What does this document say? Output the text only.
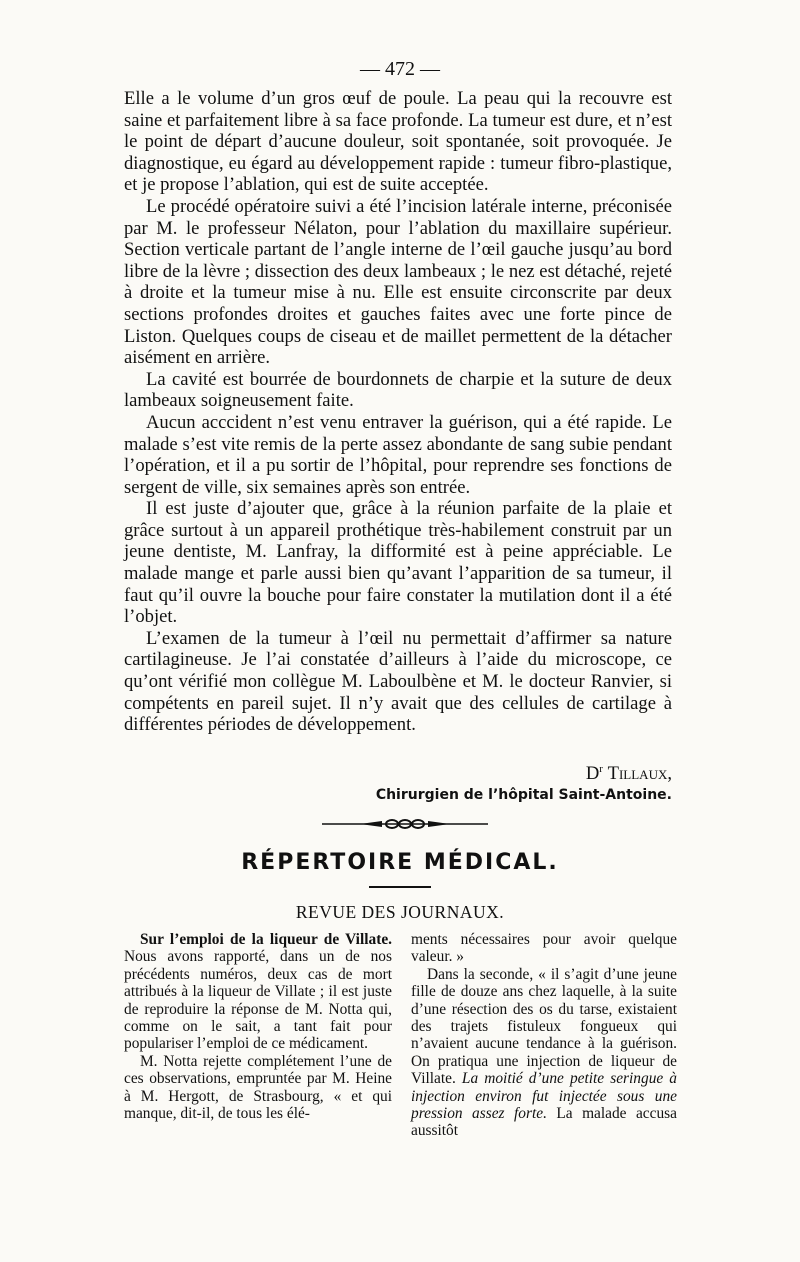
— 472 —

Elle a le volume d’un gros œuf de poule. La peau qui la recouvre est saine et parfaitement libre à sa face profonde. La tumeur est dure, et n’est le point de départ d’aucune douleur, soit spontanée, soit provoquée. Je diagnostique, eu égard au développement rapide : tumeur fibro-plastique, et je propose l’ablation, qui est de suite acceptée.

Le procédé opératoire suivi a été l’incision latérale interne, préconisée par M. le professeur Nélaton, pour l’ablation du maxillaire supérieur. Section verticale partant de l’angle interne de l’œil gauche jusqu’au bord libre de la lèvre ; dissection des deux lambeaux ; le nez est détaché, rejeté à droite et la tumeur mise à nu. Elle est ensuite circonscrite par deux sections profondes droites et gauches faites avec une forte pince de Liston. Quelques coups de ciseau et de maillet permettent de la détacher aisément en arrière.

La cavité est bourrée de bourdonnets de charpie et la suture de deux lambeaux soigneusement faite.

Aucun acccident n’est venu entraver la guérison, qui a été rapide. Le malade s’est vite remis de la perte assez abondante de sang subie pendant l’opération, et il a pu sortir de l’hôpital, pour reprendre ses fonctions de sergent de ville, six semaines après son entrée.

Il est juste d’ajouter que, grâce à la réunion parfaite de la plaie et grâce surtout à un appareil prothétique très-habilement construit par un jeune dentiste, M. Lanfray, la difformité est à peine appréciable. Le malade mange et parle aussi bien qu’avant l’apparition de sa tumeur, il faut qu’il ouvre la bouche pour faire constater la mutilation dont il a été l’objet.

L’examen de la tumeur à l’œil nu permettait d’affirmer sa nature cartilagineuse. Je l’ai constatée d’ailleurs à l’aide du microscope, ce qu’ont vérifié mon collègue M. Laboulbène et M. le docteur Ranvier, si compétents en pareil sujet. Il n’y avait que des cellules de cartilage à différentes périodes de développement.

$D^r$ Tillaux,
Chirurgien de l’hôpital Saint-Antoine.
RÉPERTOIRE MÉDICAL.
REVUE DES JOURNAUX.

Sur l’emploi de la liqueur de Villate. Nous avons rapporté, dans un de nos précédents numéros, deux cas de mort attribués à la liqueur de Villate ; il est juste de reproduire la réponse de M. Notta qui, comme on le sait, a tant fait pour populariser l’emploi de ce médicament.

M. Notta rejette complétement l’une de ces observations, empruntée par M. Heine à M. Hergott, de Strasbourg, « et qui manque, dit-il, de tous les élé-

ments nécessaires pour avoir quelque valeur. »

Dans la seconde, « il s’agit d’une jeune fille de douze ans chez laquelle, à la suite d’une résection des os du tarse, existaient des trajets fistuleux fongueux qui n’avaient aucune tendance à la guérison. On pratiqua une injection de liqueur de Villate. La moitié d’une petite seringue à injection environ fut injectée sous une pression assez forte. La malade accusa aussitôt
